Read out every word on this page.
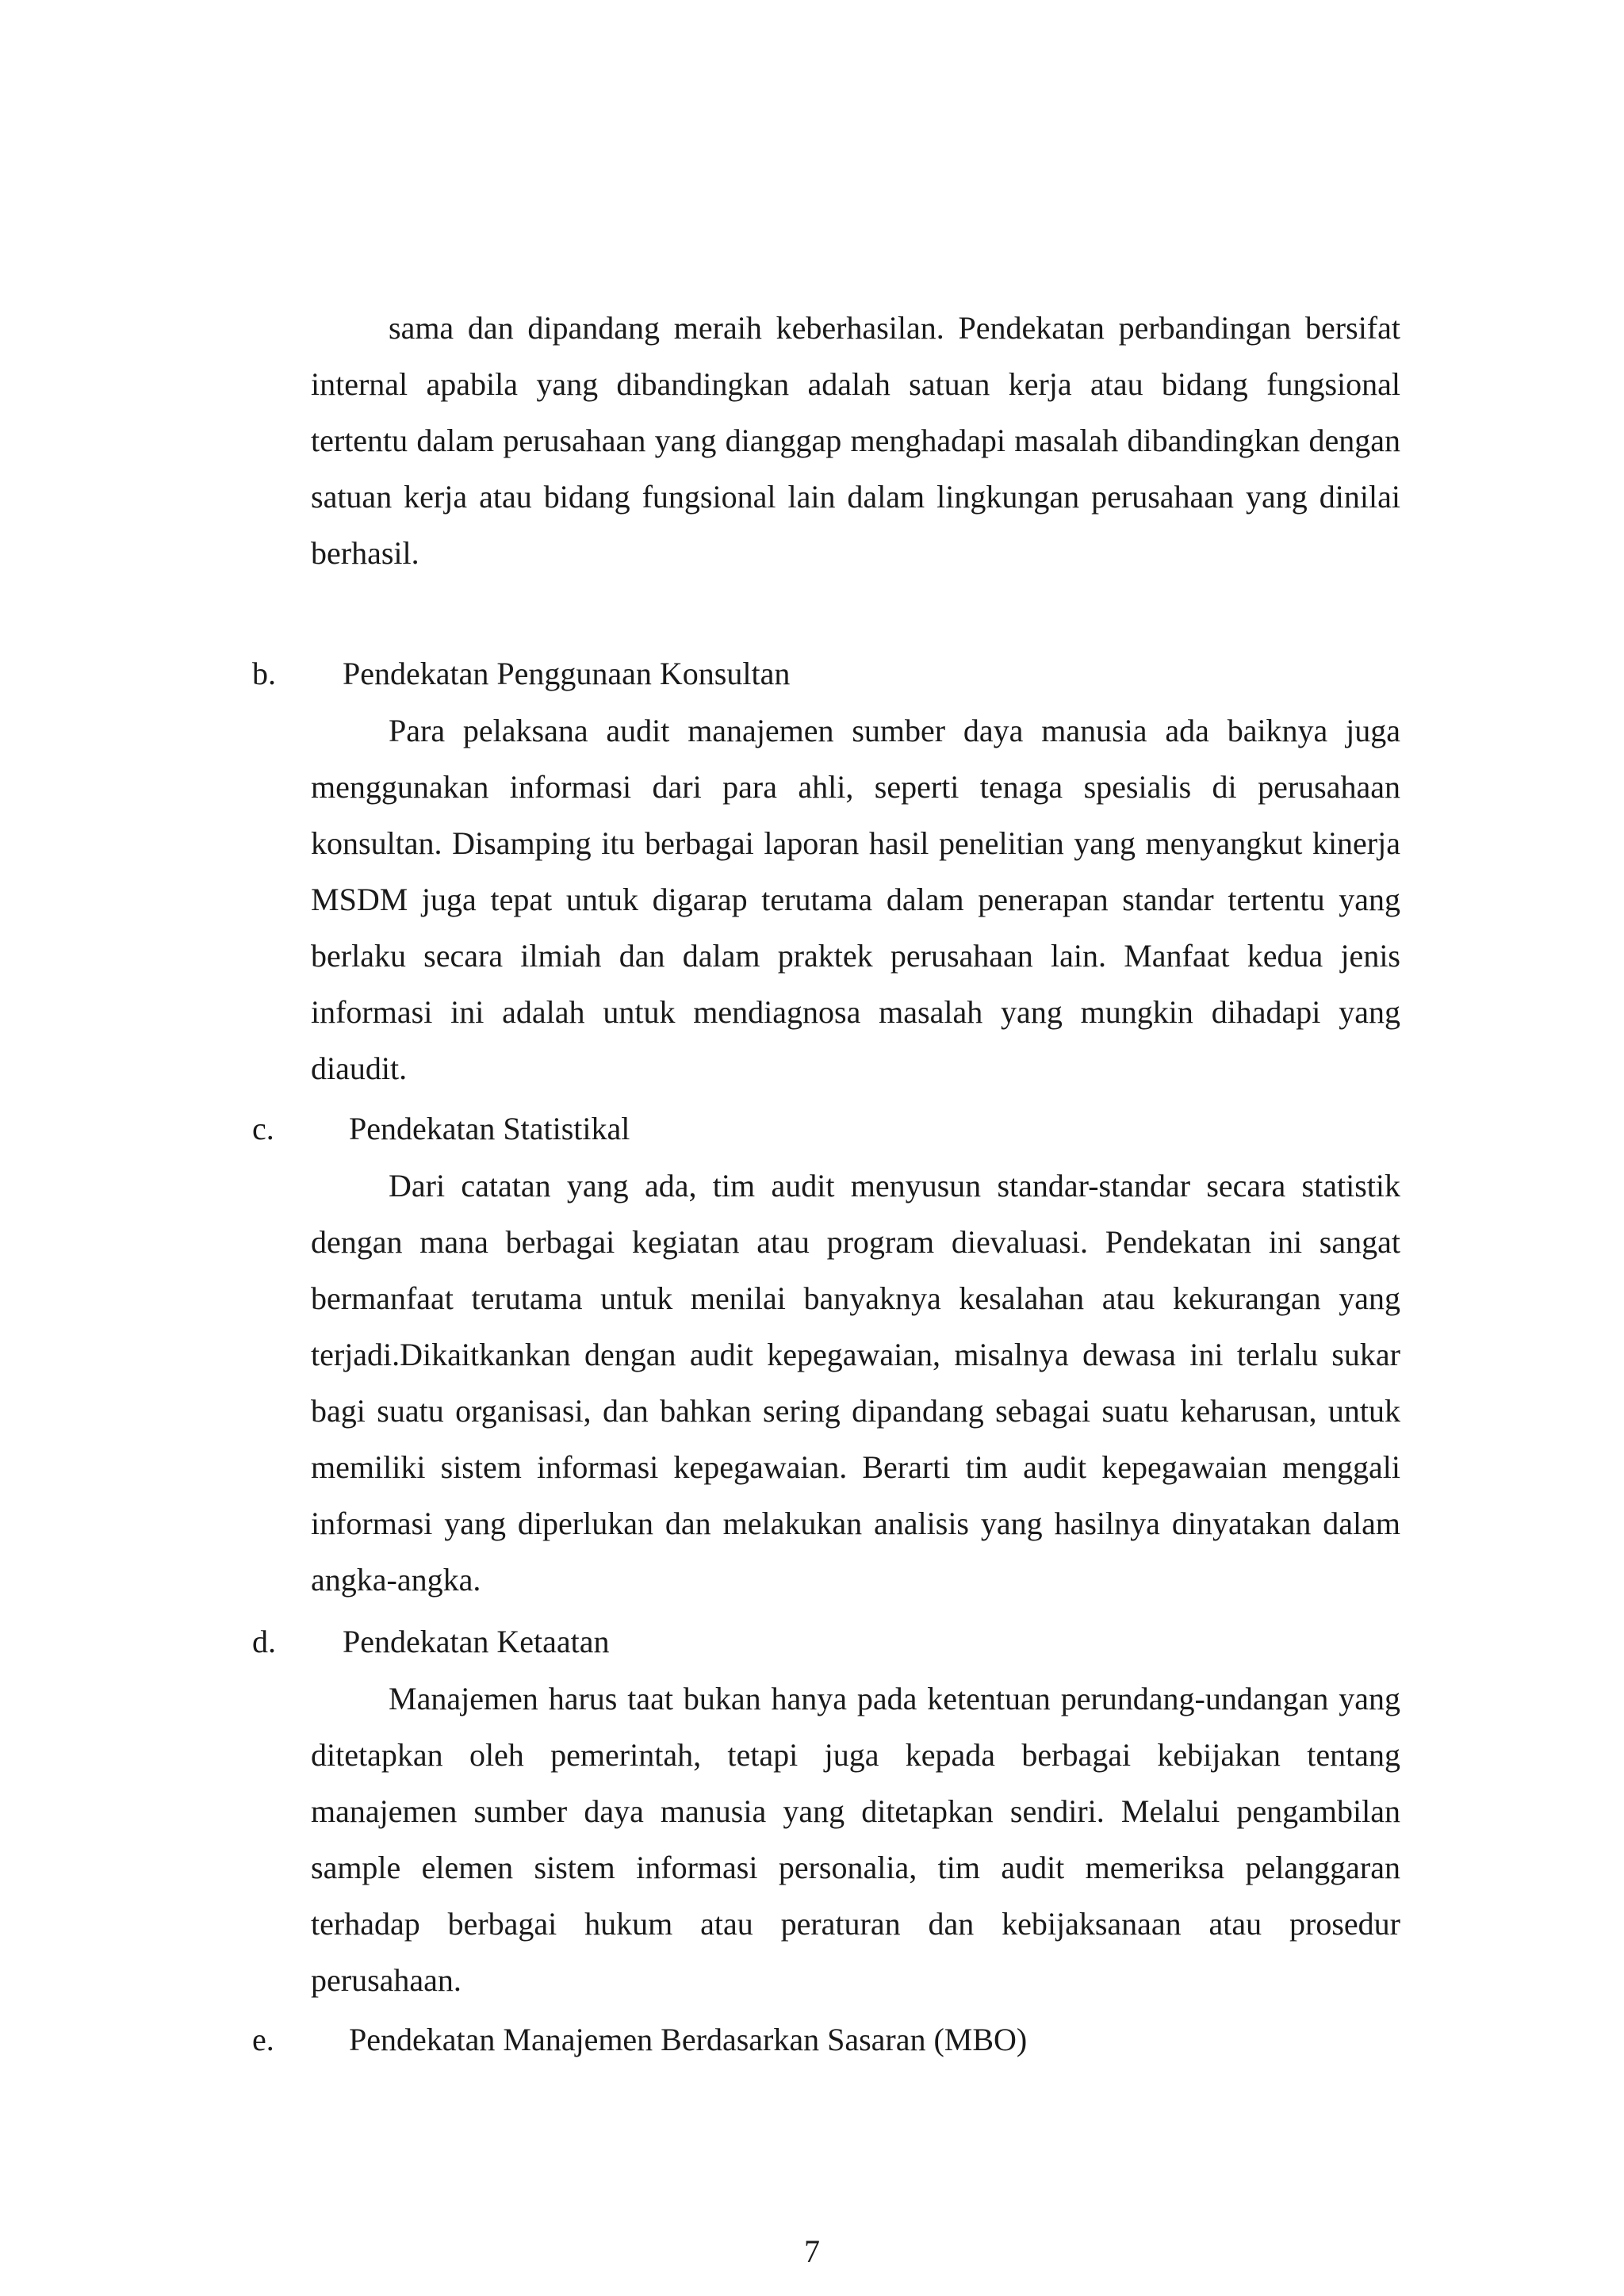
sama dan dipandang meraih keberhasilan. Pendekatan perbandingan bersifat internal apabila yang dibandingkan adalah satuan kerja atau bidang fungsional tertentu dalam perusahaan yang dianggap menghadapi masalah dibandingkan dengan satuan kerja atau bidang fungsional lain dalam lingkungan perusahaan yang dinilai berhasil.

b. Pendekatan Penggunaan Konsultan

Para pelaksana audit manajemen sumber daya manusia ada baiknya juga menggunakan informasi dari para ahli, seperti tenaga spesialis di perusahaan konsultan. Disamping itu berbagai laporan hasil penelitian yang menyangkut kinerja MSDM juga tepat untuk digarap terutama dalam penerapan standar tertentu yang berlaku secara ilmiah dan dalam praktek perusahaan lain. Manfaat kedua jenis informasi ini adalah untuk mendiagnosa masalah yang mungkin dihadapi yang diaudit.

c. Pendekatan Statistikal

Dari catatan yang ada, tim audit menyusun standar-standar secara statistik dengan mana berbagai kegiatan atau program dievaluasi. Pendekatan ini sangat bermanfaat terutama untuk menilai banyaknya kesalahan atau kekurangan yang terjadi.Dikaitkankan dengan audit kepegawaian, misalnya dewasa ini terlalu sukar bagi suatu organisasi, dan bahkan sering dipandang sebagai suatu keharusan, untuk memiliki sistem informasi kepegawaian. Berarti tim audit kepegawaian menggali informasi yang diperlukan dan melakukan analisis yang hasilnya dinyatakan dalam angka-angka.

d. Pendekatan Ketaatan

Manajemen harus taat bukan hanya pada ketentuan perundang-undangan yang ditetapkan oleh pemerintah, tetapi juga kepada berbagai kebijakan tentang manajemen sumber daya manusia yang ditetapkan sendiri. Melalui pengambilan sample elemen sistem informasi personalia, tim audit memeriksa pelanggaran terhadap berbagai hukum atau peraturan dan kebijaksanaan atau prosedur perusahaan.

e. Pendekatan Manajemen Berdasarkan Sasaran (MBO)

7
